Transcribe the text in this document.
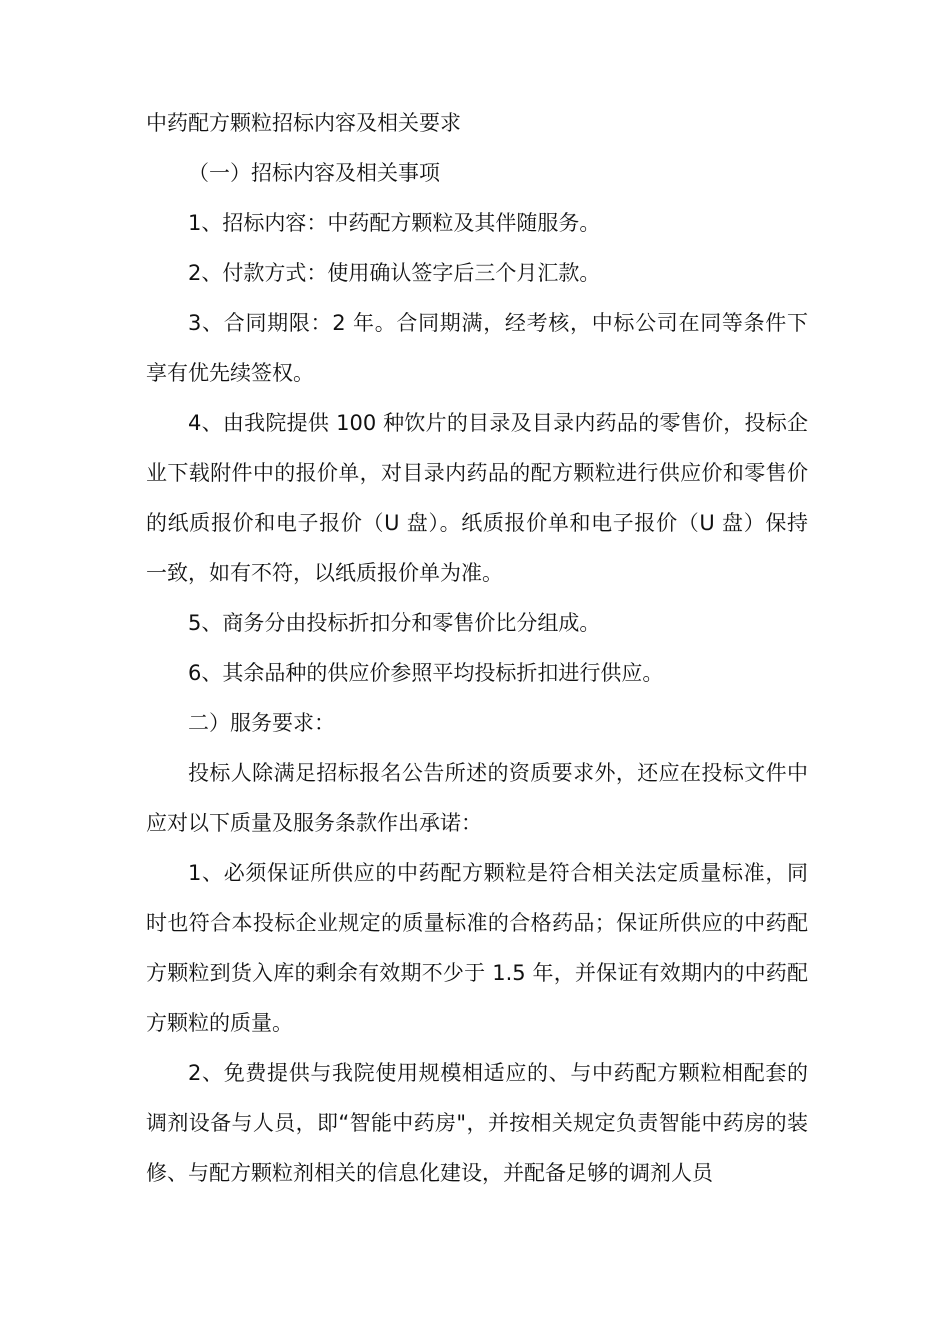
中药配方颗粒招标内容及相关要求

（一）招标内容及相关事项

1、招标内容：中药配方颗粒及其伴随服务。

2、付款方式：使用确认签字后三个月汇款。

3、合同期限：2 年。合同期满，经考核，中标公司在同等条件下享有优先续签权。

4、由我院提供 100 种饮片的目录及目录内药品的零售价，投标企业下载附件中的报价单，对目录内药品的配方颗粒进行供应价和零售价的纸质报价和电子报价（U 盘）。纸质报价单和电子报价（U 盘）保持一致，如有不符，以纸质报价单为准。

5、商务分由投标折扣分和零售价比分组成。

6、其余品种的供应价参照平均投标折扣进行供应。

二）服务要求：

投标人除满足招标报名公告所述的资质要求外，还应在投标文件中应对以下质量及服务条款作出承诺：

1、必须保证所供应的中药配方颗粒是符合相关法定质量标准，同时也符合本投标企业规定的质量标准的合格药品；保证所供应的中药配方颗粒到货入库的剩余有效期不少于 1.5 年，并保证有效期内的中药配方颗粒的质量。

2、免费提供与我院使用规模相适应的、与中药配方颗粒相配套的调剂设备与人员，即“智能中药房"，并按相关规定负责智能中药房的装修、与配方颗粒剂相关的信息化建设，并配备足够的调剂人员
